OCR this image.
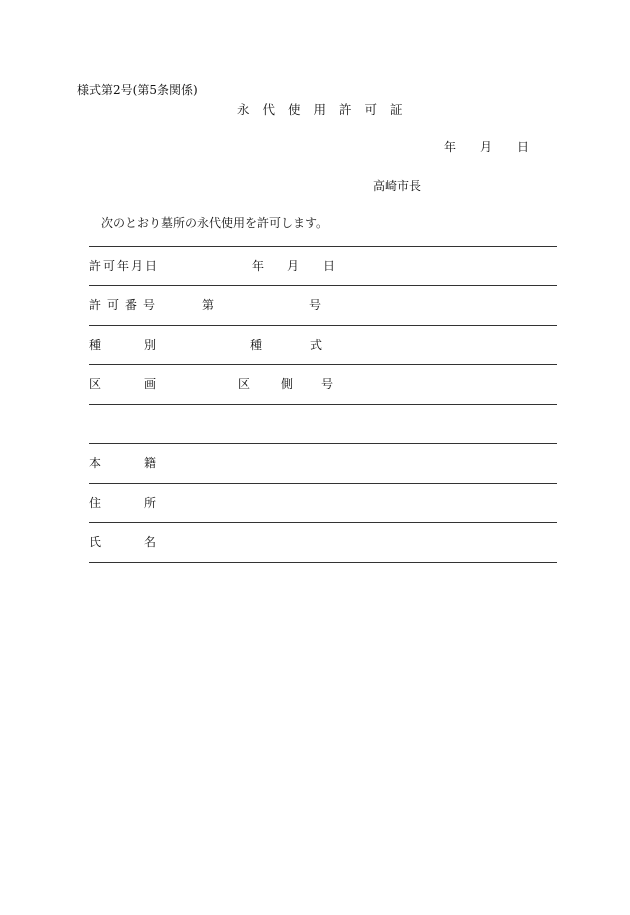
様式第2号(第5条関係)
永代使用許可証
年 月 日
高崎市長
次のとおり墓所の永代使用を許可します。
許可年月日	年 月 日
許可番号	第	号
種	別	種	式
区	画	区	側 号
本	籍
住	所
氏	名
